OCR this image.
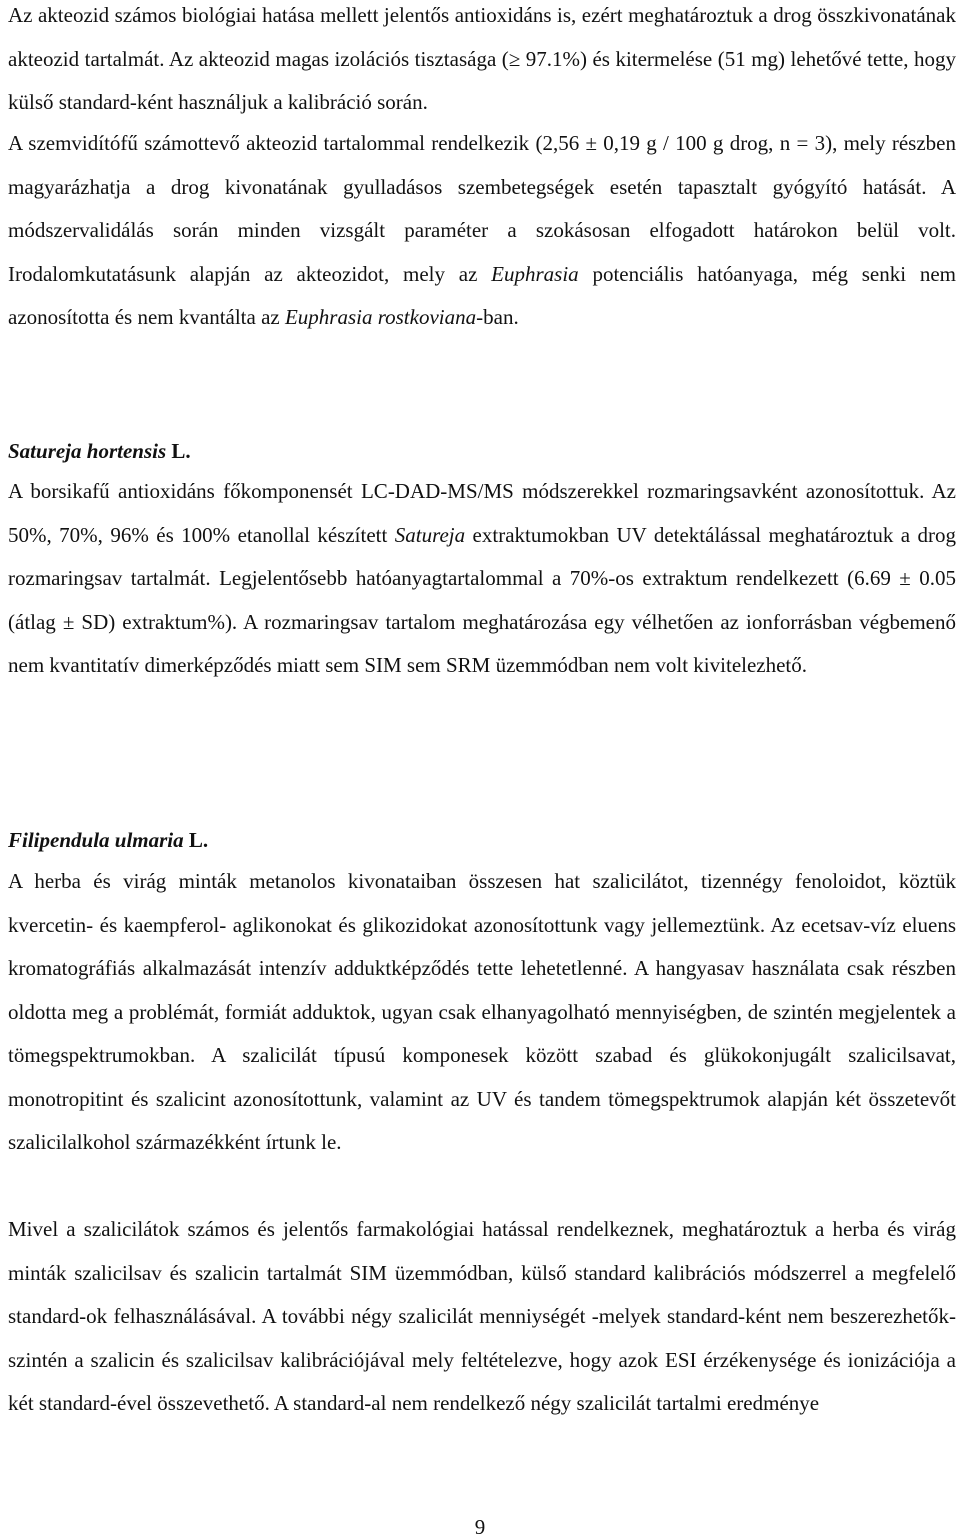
Az akteozid számos biológiai hatása mellett jelentős antioxidáns is, ezért meghatároztuk a drog összkivonatának akteozid tartalmát. Az akteozid magas izolációs tisztasága (≥ 97.1%) és kitermelése (51 mg) lehetővé tette, hogy külső standard-ként használjuk a kalibráció során.

A szemvidítófű számottevő akteozid tartalommal rendelkezik (2,56 ± 0,19 g / 100 g drog, n = 3), mely részben magyarázhatja a drog kivonatának gyulladásos szembetegségek esetén tapasztalt gyógyító hatását. A módszervalidálás során minden vizsgált paraméter a szokásosan elfogadott határokon belül volt. Irodalomkutatásunk alapján az akteozidot, mely az Euphrasia potenciális hatóanyaga, még senki nem azonosította és nem kvantálta az Euphrasia rostkoviana-ban.

Satureja hortensis L.

A borsikafű antioxidáns főkomponensét LC-DAD-MS/MS módszerekkel rozmaringsavként azonosítottuk. Az 50%, 70%, 96% és 100% etanollal készített Satureja extraktumokban UV detektálással meghatároztuk a drog rozmaringsav tartalmát. Legjelentősebb hatóanyagtartalommal a 70%-os extraktum rendelkezett (6.69 ± 0.05 (átlag ± SD) extraktum%). A rozmaringsav tartalom meghatározása egy vélhetően az ionforrásban végbemenő nem kvantitatív dimerképződés miatt sem SIM sem SRM üzemmódban nem volt kivitelezhető.

Filipendula ulmaria L.

A herba és virág minták metanolos kivonataiban összesen hat szalicilátot, tizennégy fenoloidot, köztük kvercetin- és kaempferol- aglikonokat és glikozidokat azonosítottunk vagy jellemeztünk. Az ecetsav-víz eluens kromatográfiás alkalmazását intenzív adduktképződés tette lehetetlenné. A hangyasav használata csak részben oldotta meg a problémát, formiát adduktok, ugyan csak elhanyagolható mennyiségben, de szintén megjelentek a tömegspektrumokban. A szalicilát típusú komponesek között szabad és glükokonjugált szalicilsavat, monotropitint és szalicint azonosítottunk, valamint az UV és tandem tömegspektrumok alapján két összetevőt szalicilalkohol származékként írtunk le.

Mivel a szalicilátok számos és jelentős farmakológiai hatással rendelkeznek, meghatároztuk a herba és virág minták szalicilsav és szalicin tartalmát SIM üzemmódban, külső standard kalibrációs módszerrel a megfelelő standard-ok felhasználásával. A további négy szalicilát menniységét -melyek standard-ként nem beszerezhetők- szintén a szalicin és szalicilsav kalibrációjával mely feltételezve, hogy azok ESI érzékenysége és ionizációja a két standard-ével összevethető. A standard-al nem rendelkező négy szalicilát tartalmi eredménye

9
